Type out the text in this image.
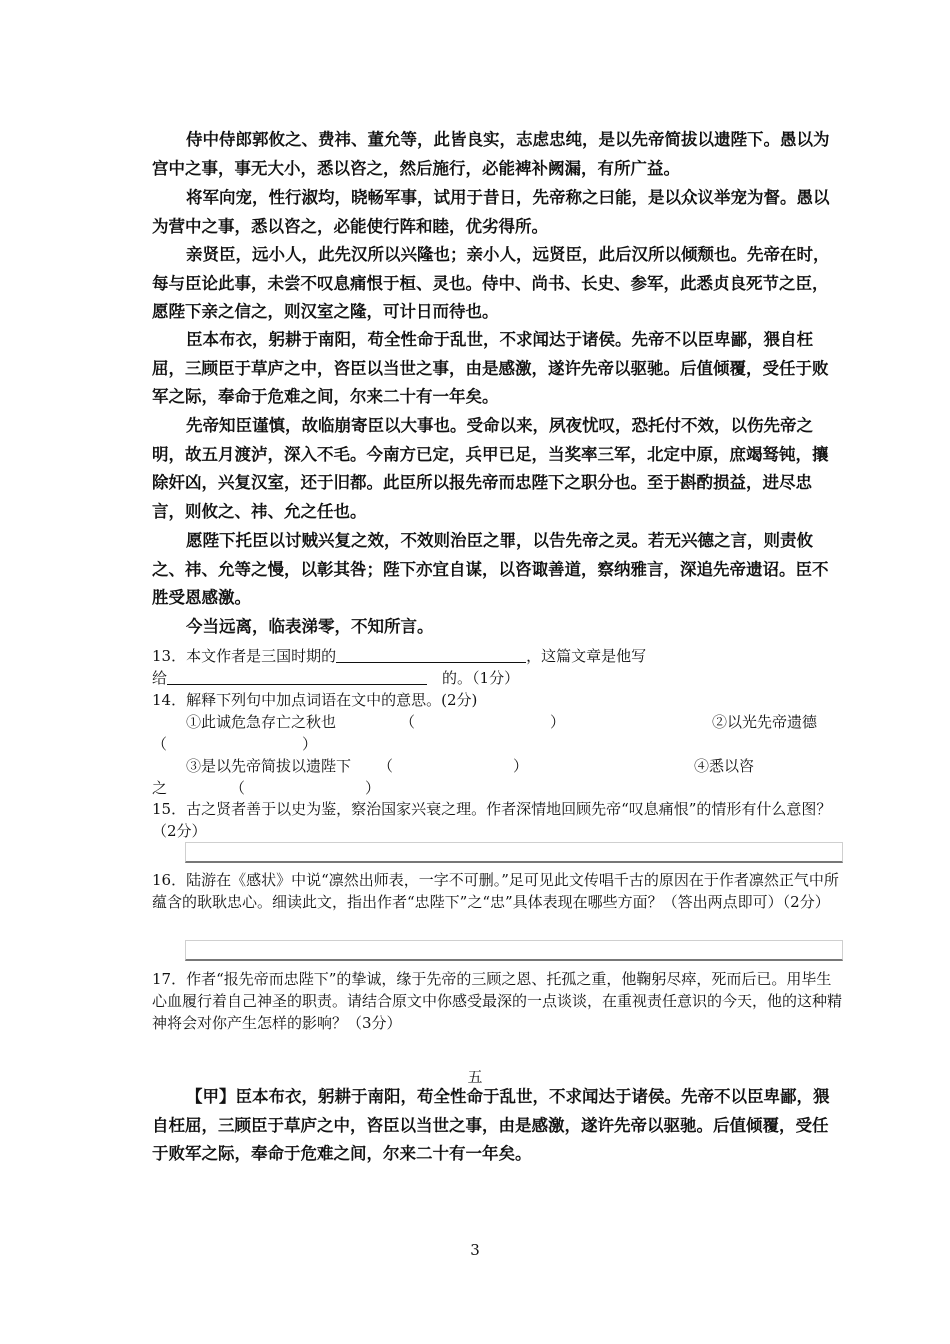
侍中侍郎郭攸之、费祎、董允等，此皆良实，志虑忠纯，是以先帝简拔以遗陛下。愚以为宫中之事，事无大小，悉以咨之，然后施行，必能裨补阙漏，有所广益。

将军向宠，性行淑均，晓畅军事，试用于昔日，先帝称之曰能，是以众议举宠为督。愚以为营中之事，悉以咨之，必能使行阵和睦，优劣得所。

亲贤臣，远小人，此先汉所以兴隆也；亲小人，远贤臣，此后汉所以倾颓也。先帝在时，每与臣论此事，未尝不叹息痛恨于桓、灵也。侍中、尚书、长史、参军，此悉贞良死节之臣，愿陛下亲之信之，则汉室之隆，可计日而待也。

臣本布衣，躬耕于南阳，苟全性命于乱世，不求闻达于诸侯。先帝不以臣卑鄙，猥自枉屈，三顾臣于草庐之中，咨臣以当世之事，由是感激，遂许先帝以驱驰。后值倾覆，受任于败军之际，奉命于危难之间，尔来二十有一年矣。

先帝知臣谨慎，故临崩寄臣以大事也。受命以来，夙夜忧叹，恐托付不效，以伤先帝之明，故五月渡泸，深入不毛。今南方已定，兵甲已足，当奖率三军，北定中原，庶竭驽钝，攘除奸凶，兴复汉室，还于旧都。此臣所以报先帝而忠陛下之职分也。至于斟酌损益，进尽忠言，则攸之、祎、允之任也。

愿陛下托臣以讨贼兴复之效，不效则治臣之罪，以告先帝之灵。若无兴德之言，则责攸之、祎、允等之慢，以彰其咎；陛下亦宜自谋，以咨诹善道，察纳雅言，深追先帝遗诏。臣不胜受恩感激。

今当远离，临表涕零，不知所言。

13．本文作者是三国时期的	，这篇文章是他写
给　	的。（1分）

14．解释下列句中加点词语在文中的意思。(2分)

①此诚危急存亡之秋也	（　　　　　　　　　）	②以光先帝遗德

（　　　　　　　　　）

③是以先帝简拔以遗陛下 （　　　　　　　　）	④悉以咨

之	（　　　　　　　　）

15．古之贤者善于以史为鉴，察治国家兴衰之理。作者深情地回顾先帝“叹息痛恨”的情形有什么意图？（2分）

16．陆游在《感状》中说“凛然出师表，一字不可删。”足可见此文传唱千古的原因在于作者凛然正气中所蕴含的耿耿忠心。细读此文，指出作者“忠陛下”之“忠”具体表现在哪些方面？（答出两点即可）（2分）

17．作者“报先帝而忠陛下”的挚诚，缘于先帝的三顾之恩、托孤之重，他鞠躬尽瘁，死而后已。用毕生心血履行着自己神圣的职责。请结合原文中你感受最深的一点谈谈，在重视责任意识的今天，他的这种精神将会对你产生怎样的影响？（3分）

五

【甲】臣本布衣，躬耕于南阳，苟全性命于乱世，不求闻达于诸侯。先帝不以臣卑鄙，猥自枉屈，三顾臣于草庐之中，咨臣以当世之事，由是感激，遂许先帝以驱驰。后值倾覆，受任于败军之际，奉命于危难之间，尔来二十有一年矣。

3
